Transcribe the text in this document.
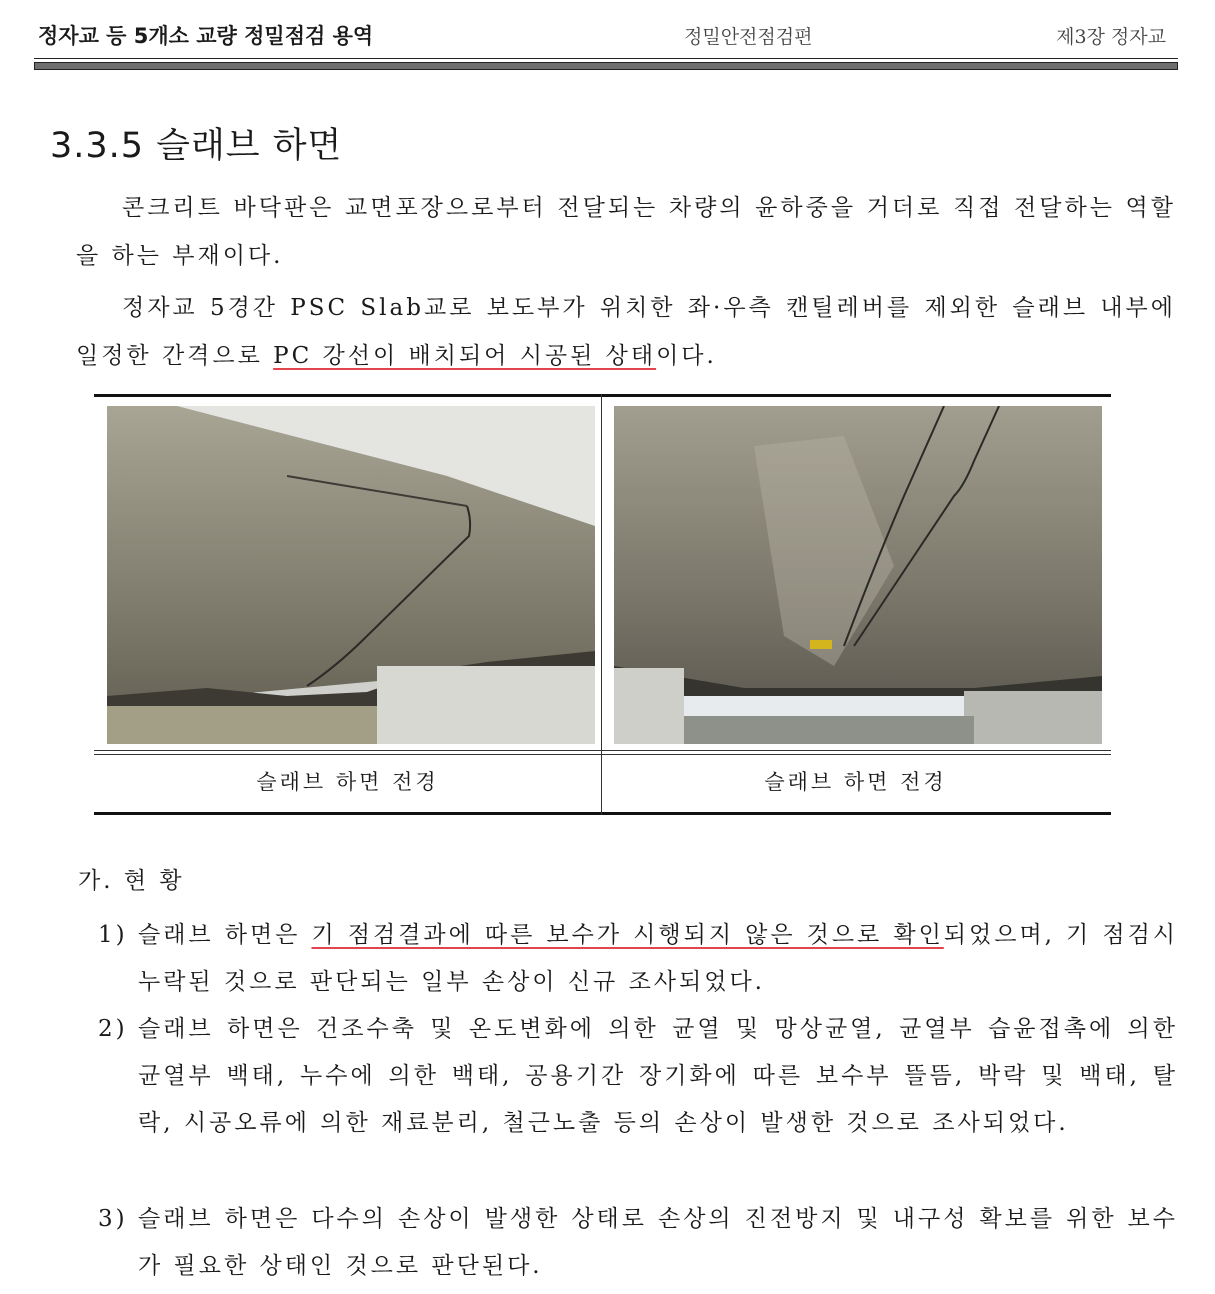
정자교 등 5개소 교량 정밀점검 용역	정밀안전점검편	제3장 정자교
3.3.5 슬래브 하면
콘크리트 바닥판은 교면포장으로부터 전달되는 차량의 윤하중을 거더로 직접 전달하는 역할을 하는 부재이다.
정자교 5경간 PSC Slab교로 보도부가 위치한 좌·우측 캔틸레버를 제외한 슬래브 내부에 일정한 간격으로 PC 강선이 배치되어 시공된 상태이다.
슬래브 하면 전경	슬래브 하면 전경
가. 현 황
1) 슬래브 하면은 기 점검결과에 따른 보수가 시행되지 않은 것으로 확인되었으며, 기 점검시 누락된 것으로 판단되는 일부 손상이 신규 조사되었다.
2) 슬래브 하면은 건조수축 및 온도변화에 의한 균열 및 망상균열, 균열부 습윤접촉에 의한 균열부 백태, 누수에 의한 백태, 공용기간 장기화에 따른 보수부 뜰뜸, 박락 및 백태, 탈락, 시공오류에 의한 재료분리, 철근노출 등의 손상이 발생한 것으로 조사되었다.
3) 슬래브 하면은 다수의 손상이 발생한 상태로 손상의 진전방지 및 내구성 확보를 위한 보수가 필요한 상태인 것으로 판단된다.
